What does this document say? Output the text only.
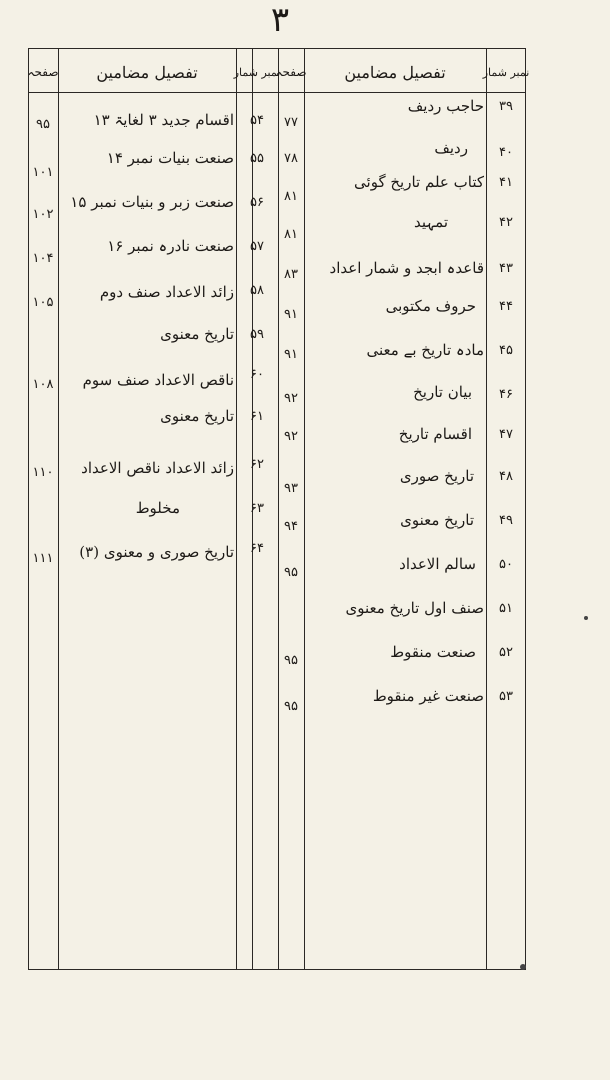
۳
نمبر شمار
تفصیل مضامین
صفحہ
نمبر شمار
تفصیل مضامین
صفحہ
۳۹
حاجب ردیف
۷۷
۴۰
ردیف
۷۸
۴۱
کتاب علم تاریخ گوئی
۸۱
۴۲
تمہید
۸۱
۴۳
قاعدہ ابجد و شمار اعداد
۸۳
۴۴
حروف مکتوبی
۹۱
۴۵
مادہ تاریخ بے معنی
۹۱
۴۶
بیان تاریخ
۹۲
۴۷
اقسام تاریخ
۹۲
۴۸
تاریخ صوری
۹۳
۴۹
تاریخ معنوی
۹۴
۵۰
سالم الاعداد
۹۵
۵۱
صنف اول تاریخ معنوی
۵۲
صنعت منقوط
۹۵
۵۳
صنعت غیر منقوط
۹۵
۵۴
اقسام جدید ۳ لغایۃ ۱۳
۹۵
۵۵
صنعت بنیات نمبر ۱۴
۱۰۱
۵۶
صنعت زبر و بنیات نمبر ۱۵
۱۰۲
۵۷
صنعت نادرہ نمبر ۱۶
۱۰۴
۵۸
زائد الاعداد صنف دوم
۱۰۵
۵۹
تاریخ معنوی
۶۰
ناقص الاعداد صنف سوم
۱۰۸
۶۱
تاریخ معنوی
۶۲
زائد الاعداد ناقص الاعداد
۱۱۰
۶۳
مخلوط
۶۴
تاریخ صوری و معنوی (۳)
۱۱۱
